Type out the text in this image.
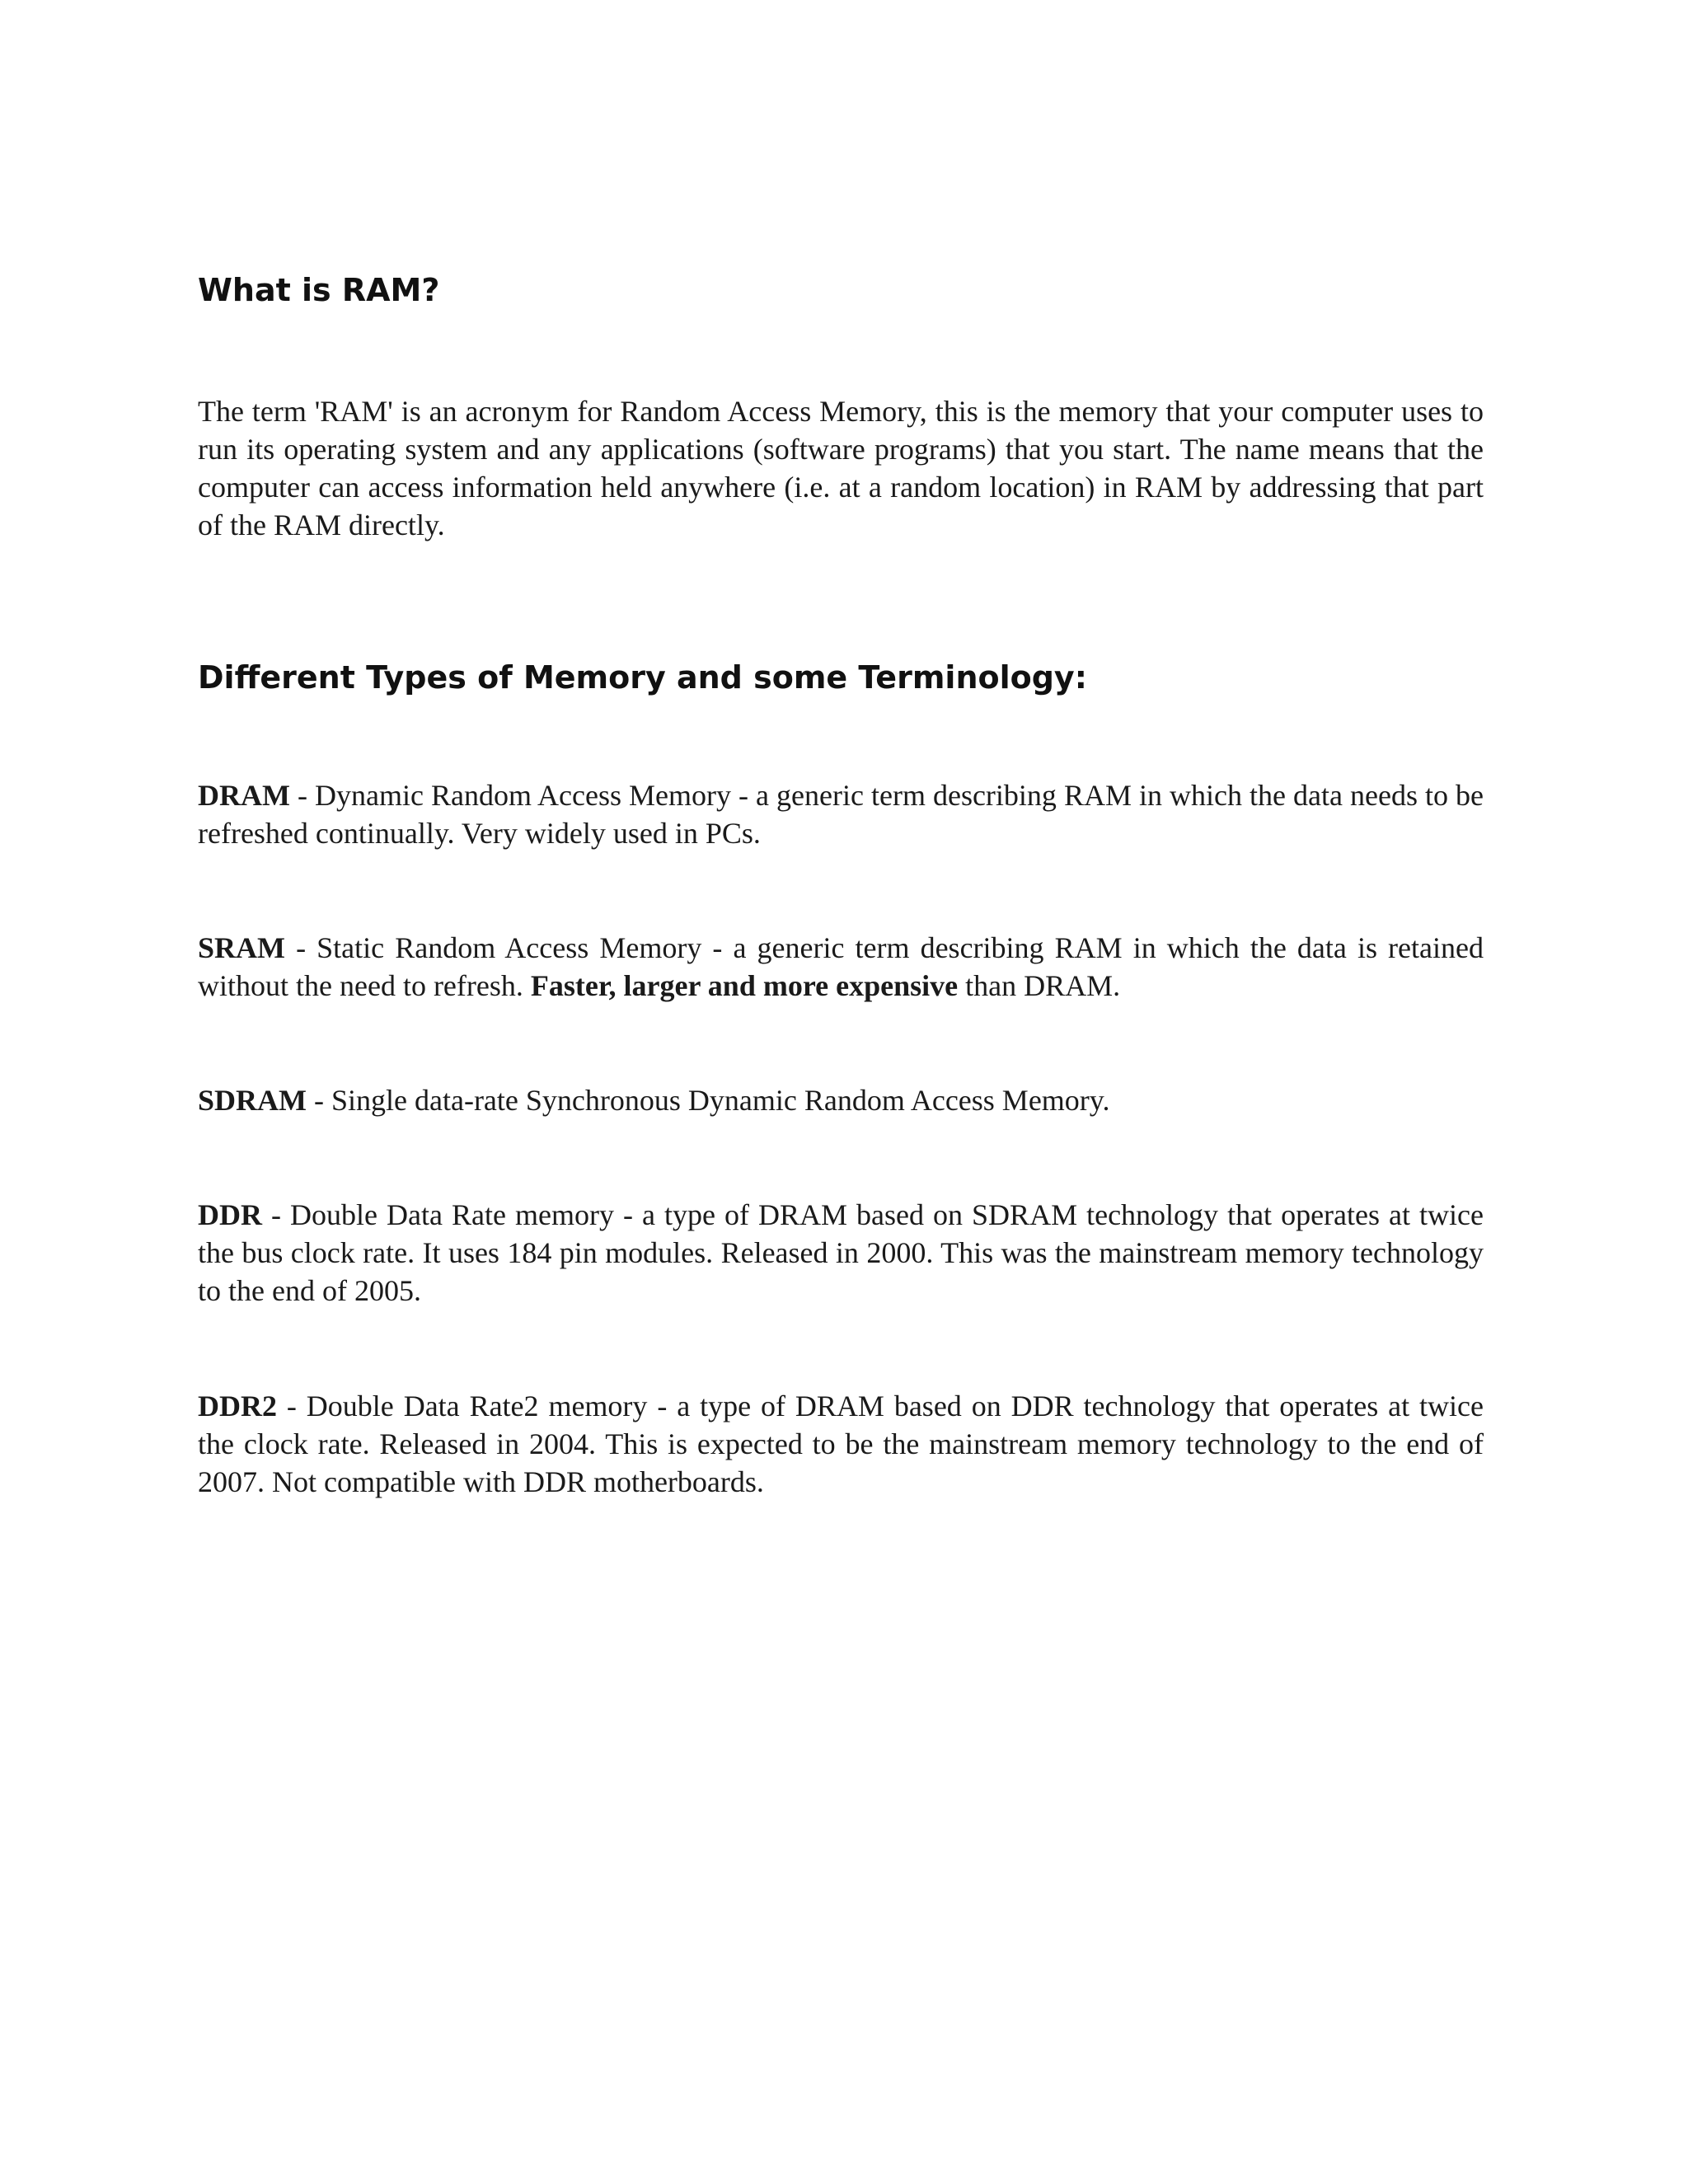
What is RAM?

The term 'RAM' is an acronym for Random Access Memory, this is the memory that your computer uses to run its operating system and any applications (software programs) that you start. The name means that the computer can access information held anywhere (i.e. at a random location) in RAM by addressing that part of the RAM directly.

Different Types of Memory and some Terminology:

DRAM - Dynamic Random Access Memory - a generic term describing RAM in which the data needs to be refreshed continually. Very widely used in PCs.

SRAM - Static Random Access Memory - a generic term describing RAM in which the data is retained without the need to refresh. Faster, larger and more expensive than DRAM.

SDRAM - Single data-rate Synchronous Dynamic Random Access Memory.

DDR - Double Data Rate memory - a type of DRAM based on SDRAM technology that operates at twice the bus clock rate. It uses 184 pin modules. Released in 2000. This was the mainstream memory technology to the end of 2005.

DDR2 - Double Data Rate2 memory - a type of DRAM based on DDR technology that operates at twice the clock rate. Released in 2004. This is expected to be the mainstream memory technology to the end of 2007. Not compatible with DDR motherboards.
